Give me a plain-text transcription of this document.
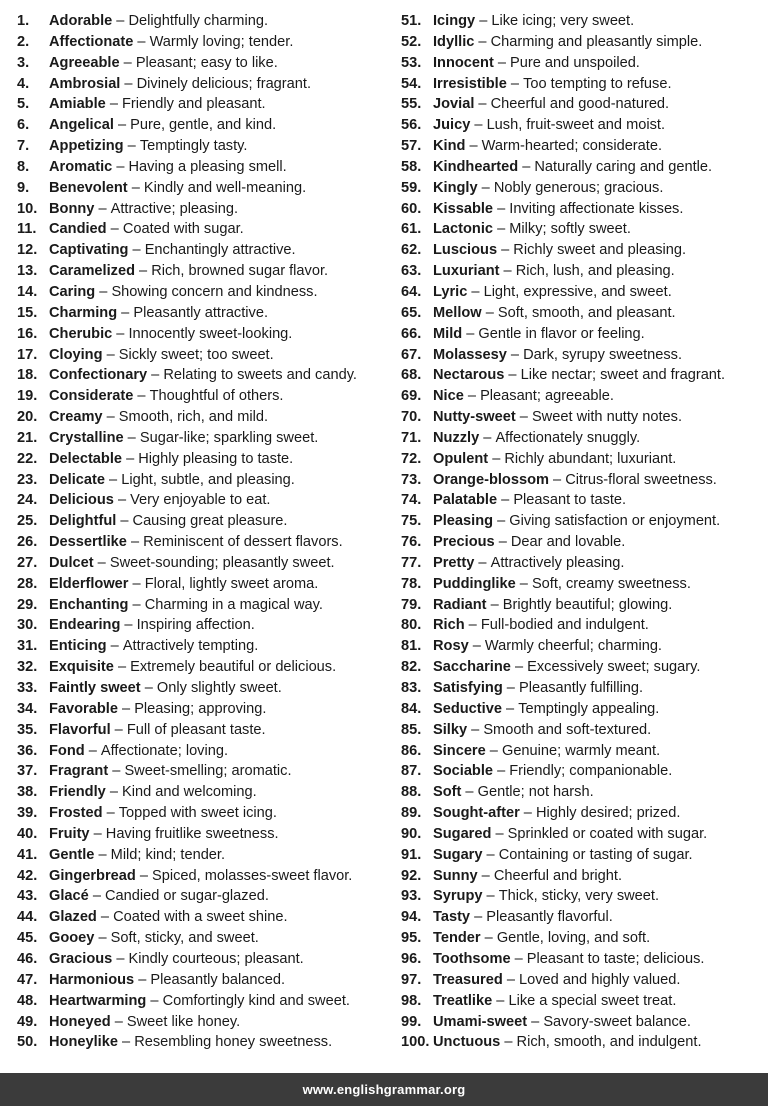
1.	Adorable – Delightfully charming.
2.	Affectionate – Warmly loving; tender.
3.	Agreeable – Pleasant; easy to like.
4.	Ambrosial – Divinely delicious; fragrant.
5.	Amiable – Friendly and pleasant.
6.	Angelical – Pure, gentle, and kind.
7.	Appetizing – Temptingly tasty.
8.	Aromatic – Having a pleasing smell.
9.	Benevolent – Kindly and well-meaning.
10. Bonny – Attractive; pleasing.
11. Candied – Coated with sugar.
12. Captivating – Enchantingly attractive.
13. Caramelized – Rich, browned sugar flavor.
14. Caring – Showing concern and kindness.
15. Charming – Pleasantly attractive.
16. Cherubic – Innocently sweet-looking.
17. Cloying – Sickly sweet; too sweet.
18. Confectionary – Relating to sweets and candy.
19. Considerate – Thoughtful of others.
20. Creamy – Smooth, rich, and mild.
21. Crystalline – Sugar-like; sparkling sweet.
22. Delectable – Highly pleasing to taste.
23. Delicate – Light, subtle, and pleasing.
24. Delicious – Very enjoyable to eat.
25. Delightful – Causing great pleasure.
26. Dessertlike – Reminiscent of dessert flavors.
27. Dulcet – Sweet-sounding; pleasantly sweet.
28. Elderflower – Floral, lightly sweet aroma.
29. Enchanting – Charming in a magical way.
30. Endearing – Inspiring affection.
31. Enticing – Attractively tempting.
32. Exquisite – Extremely beautiful or delicious.
33. Faintly sweet – Only slightly sweet.
34. Favorable – Pleasing; approving.
35. Flavorful – Full of pleasant taste.
36. Fond – Affectionate; loving.
37. Fragrant – Sweet-smelling; aromatic.
38. Friendly – Kind and welcoming.
39. Frosted – Topped with sweet icing.
40. Fruity – Having fruitlike sweetness.
41. Gentle – Mild; kind; tender.
42. Gingerbread – Spiced, molasses-sweet flavor.
43. Glacé – Candied or sugar-glazed.
44. Glazed – Coated with a sweet shine.
45. Gooey – Soft, sticky, and sweet.
46. Gracious – Kindly courteous; pleasant.
47. Harmonious – Pleasantly balanced.
48. Heartwarming – Comfortingly kind and sweet.
49. Honeyed – Sweet like honey.
50. Honeylike – Resembling honey sweetness.
51. Icingy – Like icing; very sweet.
52. Idyllic – Charming and pleasantly simple.
53. Innocent – Pure and unspoiled.
54. Irresistible – Too tempting to refuse.
55. Jovial – Cheerful and good-natured.
56. Juicy – Lush, fruit-sweet and moist.
57. Kind – Warm-hearted; considerate.
58. Kindhearted – Naturally caring and gentle.
59. Kingly – Nobly generous; gracious.
60. Kissable – Inviting affectionate kisses.
61. Lactonic – Milky; softly sweet.
62. Luscious – Richly sweet and pleasing.
63. Luxuriant – Rich, lush, and pleasing.
64. Lyric – Light, expressive, and sweet.
65. Mellow – Soft, smooth, and pleasant.
66. Mild – Gentle in flavor or feeling.
67. Molassesy – Dark, syrupy sweetness.
68. Nectarous – Like nectar; sweet and fragrant.
69. Nice – Pleasant; agreeable.
70. Nutty-sweet – Sweet with nutty notes.
71. Nuzzly – Affectionately snuggly.
72. Opulent – Richly abundant; luxuriant.
73. Orange-blossom – Citrus-floral sweetness.
74. Palatable – Pleasant to taste.
75. Pleasing – Giving satisfaction or enjoyment.
76. Precious – Dear and lovable.
77. Pretty – Attractively pleasing.
78. Puddinglike – Soft, creamy sweetness.
79. Radiant – Brightly beautiful; glowing.
80. Rich – Full-bodied and indulgent.
81. Rosy – Warmly cheerful; charming.
82. Saccharine – Excessively sweet; sugary.
83. Satisfying – Pleasantly fulfilling.
84. Seductive – Temptingly appealing.
85. Silky – Smooth and soft-textured.
86. Sincere – Genuine; warmly meant.
87. Sociable – Friendly; companionable.
88. Soft – Gentle; not harsh.
89. Sought-after – Highly desired; prized.
90. Sugared – Sprinkled or coated with sugar.
91. Sugary – Containing or tasting of sugar.
92. Sunny – Cheerful and bright.
93. Syrupy – Thick, sticky, very sweet.
94. Tasty – Pleasantly flavorful.
95. Tender – Gentle, loving, and soft.
96. Toothsome – Pleasant to taste; delicious.
97. Treasured – Loved and highly valued.
98. Treatlike – Like a special sweet treat.
99. Umami-sweet – Savory-sweet balance.
100. Unctuous – Rich, smooth, and indulgent.
www.englishgrammar.org
